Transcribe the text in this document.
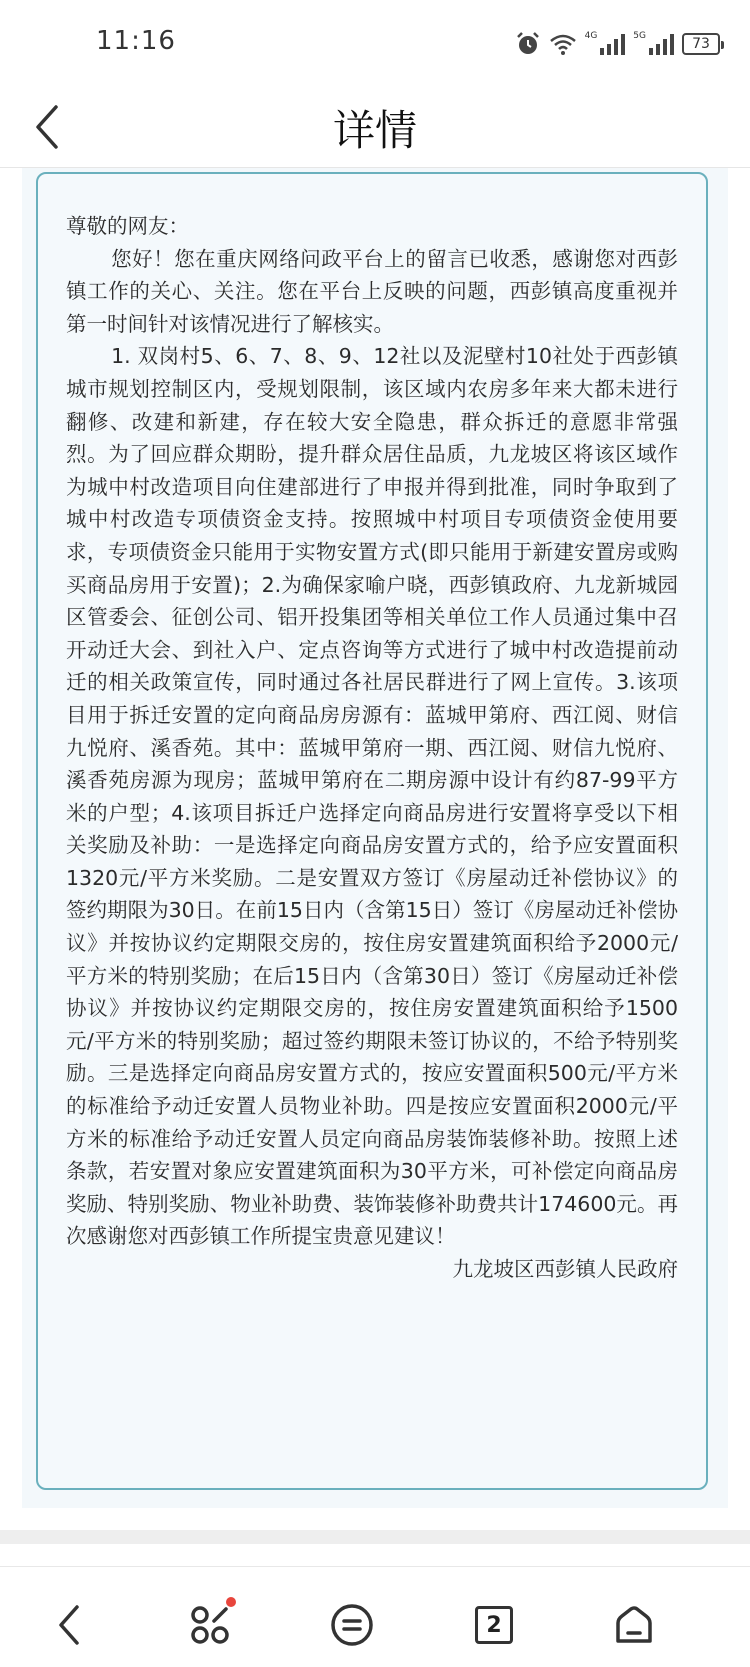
11:16	4G	5G	73
详情

尊敬的网友：

您好！您在重庆网络问政平台上的留言已收悉，感谢您对西彭镇工作的关心、关注。您在平台上反映的问题，西彭镇高度重视并第一时间针对该情况进行了解核实。

1. 双岗村5、6、7、8、9、12社以及泥壁村10社处于西彭镇城市规划控制区内，受规划限制，该区域内农房多年来大都未进行翻修、改建和新建，存在较大安全隐患，群众拆迁的意愿非常强烈。为了回应群众期盼，提升群众居住品质，九龙坡区将该区域作为城中村改造项目向住建部进行了申报并得到批准，同时争取到了城中村改造专项债资金支持。按照城中村项目专项债资金使用要求，专项债资金只能用于实物安置方式(即只能用于新建安置房或购买商品房用于安置)；2.为确保家喻户晓，西彭镇政府、九龙新城园区管委会、征创公司、铝开投集团等相关单位工作人员通过集中召开动迁大会、到社入户、定点咨询等方式进行了城中村改造提前动迁的相关政策宣传，同时通过各社居民群进行了网上宣传。3.该项目用于拆迁安置的定向商品房房源有：蓝城甲第府、西江阅、财信九悦府、溪香苑。其中：蓝城甲第府一期、西江阅、财信九悦府、溪香苑房源为现房；蓝城甲第府在二期房源中设计有约87-99平方米的户型；4.该项目拆迁户选择定向商品房进行安置将享受以下相关奖励及补助：一是选择定向商品房安置方式的，给予应安置面积1320元/平方米奖励。二是安置双方签订《房屋动迁补偿协议》的签约期限为30日。在前15日内（含第15日）签订《房屋动迁补偿协议》并按协议约定期限交房的，按住房安置建筑面积给予2000元/平方米的特别奖励；在后15日内（含第30日）签订《房屋动迁补偿协议》并按协议约定期限交房的，按住房安置建筑面积给予1500元/平方米的特别奖励；超过签约期限未签订协议的，不给予特别奖励。三是选择定向商品房安置方式的，按应安置面积500元/平方米的标准给予动迁安置人员物业补助。四是按应安置面积2000元/平方米的标准给予动迁安置人员定向商品房装饰装修补助。按照上述条款，若安置对象应安置建筑面积为30平方米，可补偿定向商品房奖励、特别奖励、物业补助费、装饰装修补助费共计174600元。再次感谢您对西彭镇工作所提宝贵意见建议！

九龙坡区西彭镇人民政府

2
